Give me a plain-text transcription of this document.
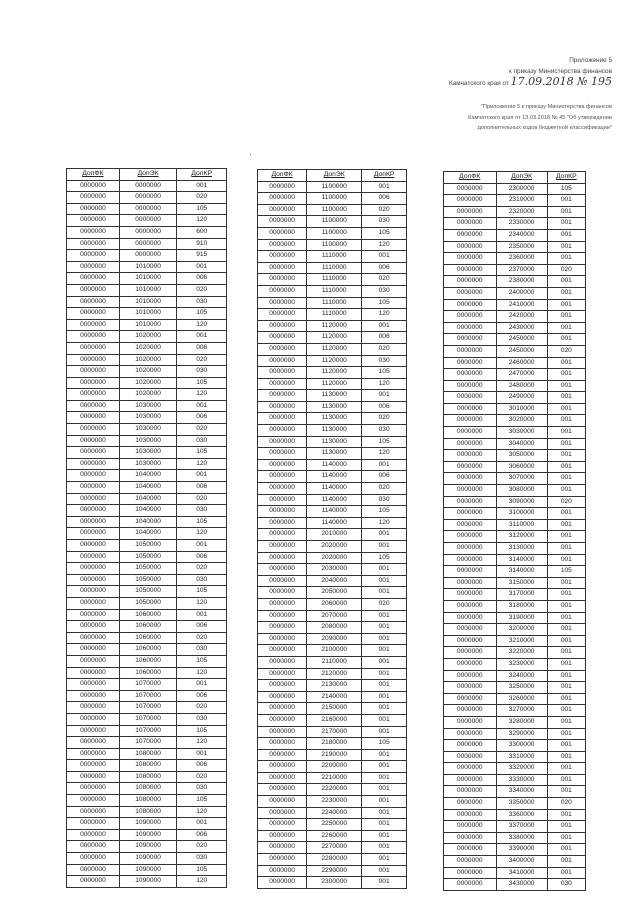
Приложение 5
к приказу Министерства финансов
Камчатского края от 17.09.2018 № 195
"Приложение 5 к приказу Министерства финансов
Камчатского края от 13.03.2018 № 45 "Об утверждении
дополнительных кодов бюджетной классификации"
ДопФК	ДопЭК	ДопКР
0000000	0000000	001
0000000	0000000	020
0000000	0000000	105
0000000	0000000	120
0000000	0000000	600
0000000	0000000	910
0000000	0000000	915
0000000	1010000	001
0000000	1010000	006
0000000	1010000	020
0000000	1010000	030
0000000	1010000	105
0000000	1010000	120
0000000	1020000	001
0000000	1020000	006
0000000	1020000	020
0000000	1020000	030
0000000	1020000	105
0000000	1020000	120
0000000	1030000	001
0000000	1030000	006
0000000	1030000	020
0000000	1030000	030
0000000	1030000	105
0000000	1030000	120
0000000	1040000	001
0000000	1040000	006
0000000	1040000	020
0000000	1040000	030
0000000	1040000	105
0000000	1040000	120
0000000	1050000	001
0000000	1050000	006
0000000	1050000	020
0000000	1050000	030
0000000	1050000	105
0000000	1050000	120
0000000	1060000	001
0000000	1060000	006
0000000	1060000	020
0000000	1060000	030
0000000	1060000	105
0000000	1060000	120
0000000	1070000	001
0000000	1070000	006
0000000	1070000	020
0000000	1070000	030
0000000	1070000	105
0000000	1070000	120
0000000	1080000	001
0000000	1080000	006
0000000	1080000	020
0000000	1080000	030
0000000	1080000	105
0000000	1080000	120
0000000	1090000	001
0000000	1090000	006
0000000	1090000	020
0000000	1090000	030
0000000	1090000	105
0000000	1090000	120
ДопФК	ДопЭК	ДопКР
0000000	1100000	001
0000000	1100000	006
0000000	1100000	020
0000000	1100000	030
0000000	1100000	105
0000000	1100000	120
0000000	1110000	001
0000000	1110000	006
0000000	1110000	020
0000000	1110000	030
0000000	1110000	105
0000000	1110000	120
0000000	1120000	001
0000000	1120000	006
0000000	1120000	020
0000000	1120000	030
0000000	1120000	105
0000000	1120000	120
0000000	1130000	001
0000000	1130000	006
0000000	1130000	020
0000000	1130000	030
0000000	1130000	105
0000000	1130000	120
0000000	1140000	001
0000000	1140000	006
0000000	1140000	020
0000000	1140000	030
0000000	1140000	105
0000000	1140000	120
0000000	2010000	001
0000000	2020000	001
0000000	2020000	105
0000000	2030000	001
0000000	2040000	001
0000000	2050000	001
0000000	2060000	020
0000000	2070000	001
0000000	2080000	001
0000000	2090000	001
0000000	2100000	001
0000000	2110000	001
0000000	2120000	001
0000000	2130000	001
0000000	2140000	001
0000000	2150000	001
0000000	2160000	001
0000000	2170000	001
0000000	2180000	105
0000000	2190000	001
0000000	2200000	001
0000000	2210000	001
0000000	2220000	001
0000000	2230000	001
0000000	2240000	001
0000000	2250000	001
0000000	2260000	001
0000000	2270000	001
0000000	2280000	001
0000000	2290000	001
0000000	2300000	001
ДопФК	ДопЭК	ДопКР
0000000	2300000	105
0000000	2310000	001
0000000	2320000	001
0000000	2330000	001
0000000	2340000	001
0000000	2350000	001
0000000	2360000	001
0000000	2370000	020
0000000	2380000	001
0000000	2400000	001
0000000	2410000	001
0000000	2420000	001
0000000	2430000	001
0000000	2450000	001
0000000	2450000	020
0000000	2460000	001
0000000	2470000	001
0000000	2480000	001
0000000	2490000	001
0000000	3010000	001
0000000	3020000	001
0000000	3030000	001
0000000	3040000	001
0000000	3050000	001
0000000	3060000	001
0000000	3070000	001
0000000	3080000	001
0000000	3090000	020
0000000	3100000	001
0000000	3110000	001
0000000	3120000	001
0000000	3130000	001
0000000	3140000	001
0000000	3140000	105
0000000	3150000	001
0000000	3170000	001
0000000	3180000	001
0000000	3190000	001
0000000	3200000	001
0000000	3210000	001
0000000	3220000	001
0000000	3230000	001
0000000	3240000	001
0000000	3250000	001
0000000	3260000	001
0000000	3270000	001
0000000	3280000	001
0000000	3290000	001
0000000	3300000	001
0000000	3310000	001
0000000	3320000	001
0000000	3330000	001
0000000	3340000	001
0000000	3350000	020
0000000	3360000	001
0000000	3370000	001
0000000	3380000	001
0000000	3390000	001
0000000	3400000	001
0000000	3410000	001
0000000	3430000	030
